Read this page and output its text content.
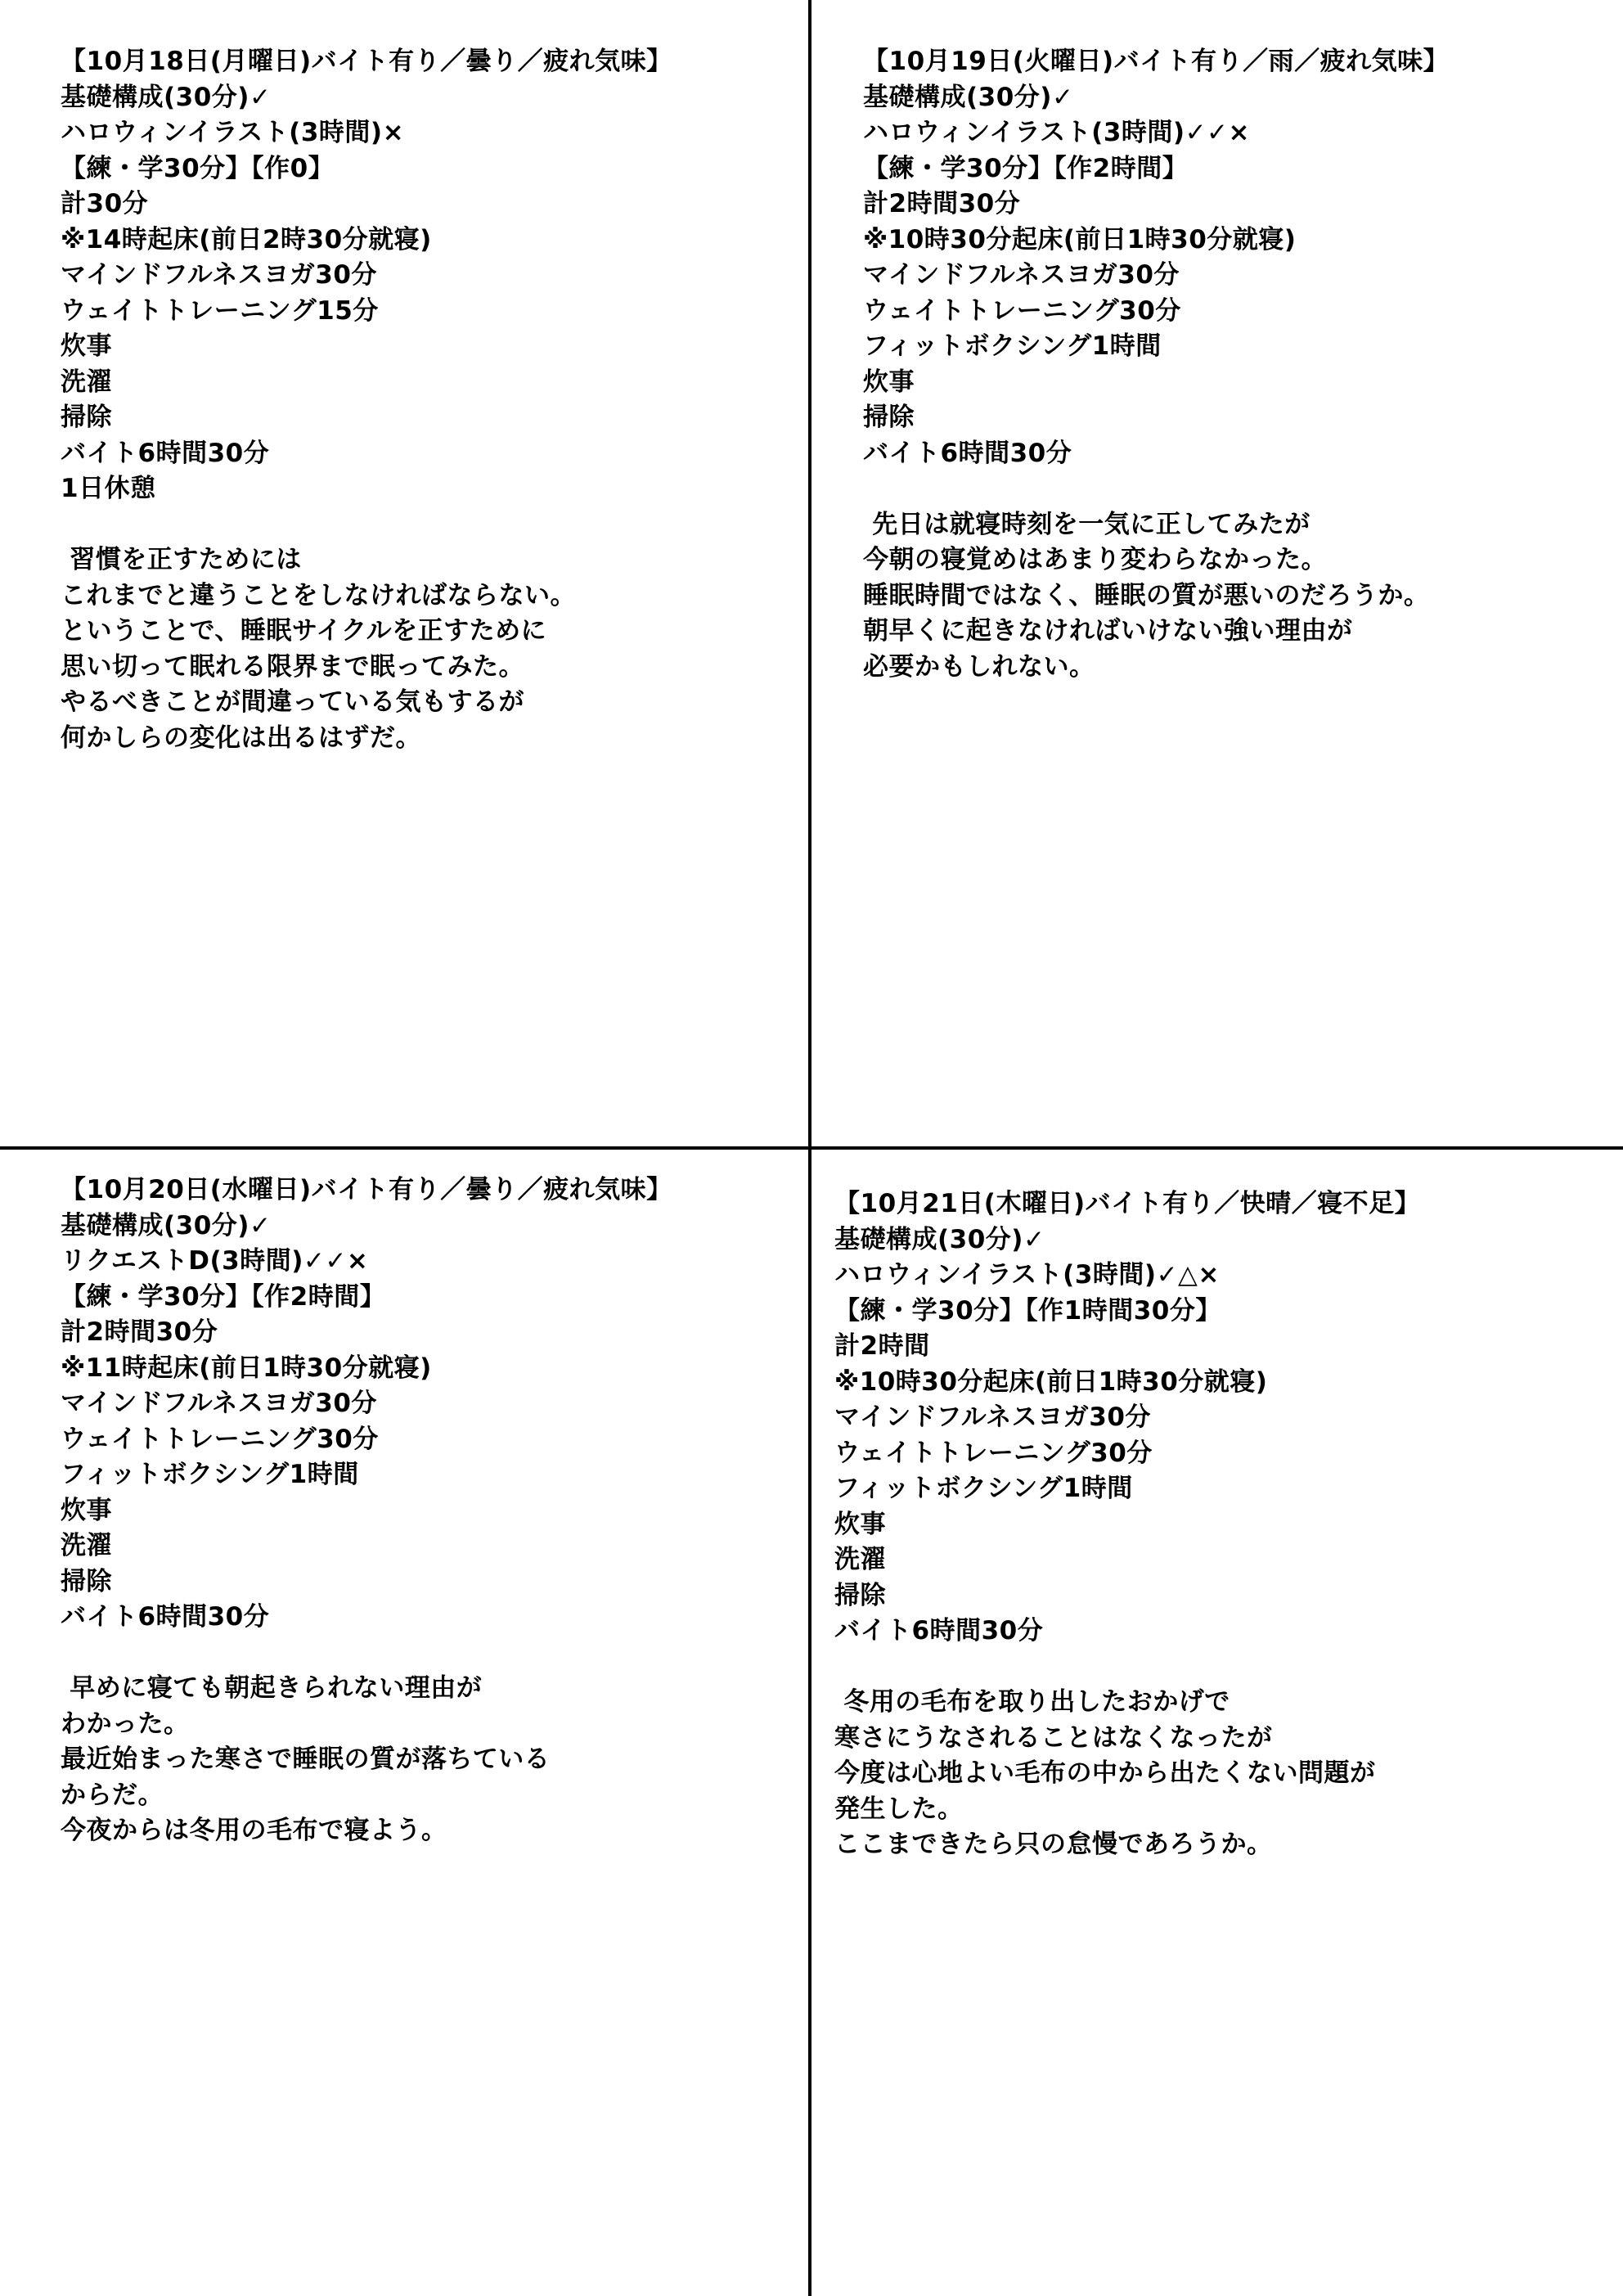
【10月18日(月曜日)バイト有り／曇り／疲れ気味】
基礎構成(30分)✓
ハロウィンイラスト(3時間)×
【練・学30分】【作0】
計30分
※14時起床(前日2時30分就寝)
マインドフルネスヨガ30分
ウェイトトレーニング15分
炊事
洗濯
掃除
バイト6時間30分
1日休憩
習慣を正すためには
これまでと違うことをしなければならない。
ということで、睡眠サイクルを正すために
思い切って眠れる限界まで眠ってみた。
やるべきことが間違っている気もするが
何かしらの変化は出るはずだ。
【10月19日(火曜日)バイト有り／雨／疲れ気味】
基礎構成(30分)✓
ハロウィンイラスト(3時間)✓✓×
【練・学30分】【作2時間】
計2時間30分
※10時30分起床(前日1時30分就寝)
マインドフルネスヨガ30分
ウェイトトレーニング30分
フィットボクシング1時間
炊事
掃除
バイト6時間30分
先日は就寝時刻を一気に正してみたが
今朝の寝覚めはあまり変わらなかった。
睡眠時間ではなく、睡眠の質が悪いのだろうか。
朝早くに起きなければいけない強い理由が
必要かもしれない。
【10月20日(水曜日)バイト有り／曇り／疲れ気味】
基礎構成(30分)✓
リクエストD(3時間)✓✓×
【練・学30分】【作2時間】
計2時間30分
※11時起床(前日1時30分就寝)
マインドフルネスヨガ30分
ウェイトトレーニング30分
フィットボクシング1時間
炊事
洗濯
掃除
バイト6時間30分
早めに寝ても朝起きられない理由が
わかった。
最近始まった寒さで睡眠の質が落ちている
からだ。
今夜からは冬用の毛布で寝よう。
【10月21日(木曜日)バイト有り／快晴／寝不足】
基礎構成(30分)✓
ハロウィンイラスト(3時間)✓△×
【練・学30分】【作1時間30分】
計2時間
※10時30分起床(前日1時30分就寝)
マインドフルネスヨガ30分
ウェイトトレーニング30分
フィットボクシング1時間
炊事
洗濯
掃除
バイト6時間30分
冬用の毛布を取り出したおかげで
寒さにうなされることはなくなったが
今度は心地よい毛布の中から出たくない問題が
発生した。
ここまできたら只の怠慢であろうか。
